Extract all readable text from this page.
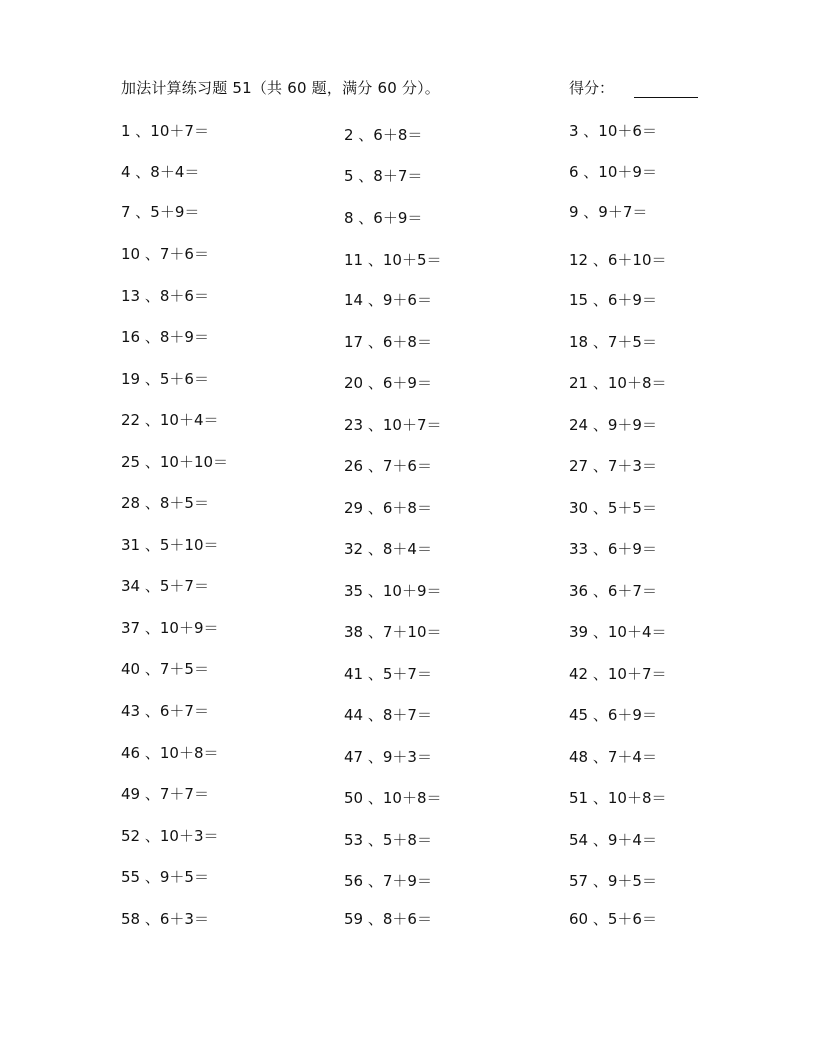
加法计算练习题 51（共 60 题，满分 60 分）。	得分：
1 、10＋7＝	2 、6＋8＝	3 、10＋6＝
4 、8＋4＝	5 、8＋7＝	6 、10＋9＝
7 、5＋9＝	8 、6＋9＝	9 、9＋7＝
10 、7＋6＝	11 、10＋5＝	12 、6＋10＝
13 、8＋6＝	14 、9＋6＝	15 、6＋9＝
16 、8＋9＝	17 、6＋8＝	18 、7＋5＝
19 、5＋6＝	20 、6＋9＝	21 、10＋8＝
22 、10＋4＝	23 、10＋7＝	24 、9＋9＝
25 、10＋10＝	26 、7＋6＝	27 、7＋3＝
28 、8＋5＝	29 、6＋8＝	30 、5＋5＝
31 、5＋10＝	32 、8＋4＝	33 、6＋9＝
34 、5＋7＝	35 、10＋9＝	36 、6＋7＝
37 、10＋9＝	38 、7＋10＝	39 、10＋4＝
40 、7＋5＝	41 、5＋7＝	42 、10＋7＝
43 、6＋7＝	44 、8＋7＝	45 、6＋9＝
46 、10＋8＝	47 、9＋3＝	48 、7＋4＝
49 、7＋7＝	50 、10＋8＝	51 、10＋8＝
52 、10＋3＝	53 、5＋8＝	54 、9＋4＝
55 、9＋5＝	56 、7＋9＝	57 、9＋5＝
58 、6＋3＝	59 、8＋6＝	60 、5＋6＝
